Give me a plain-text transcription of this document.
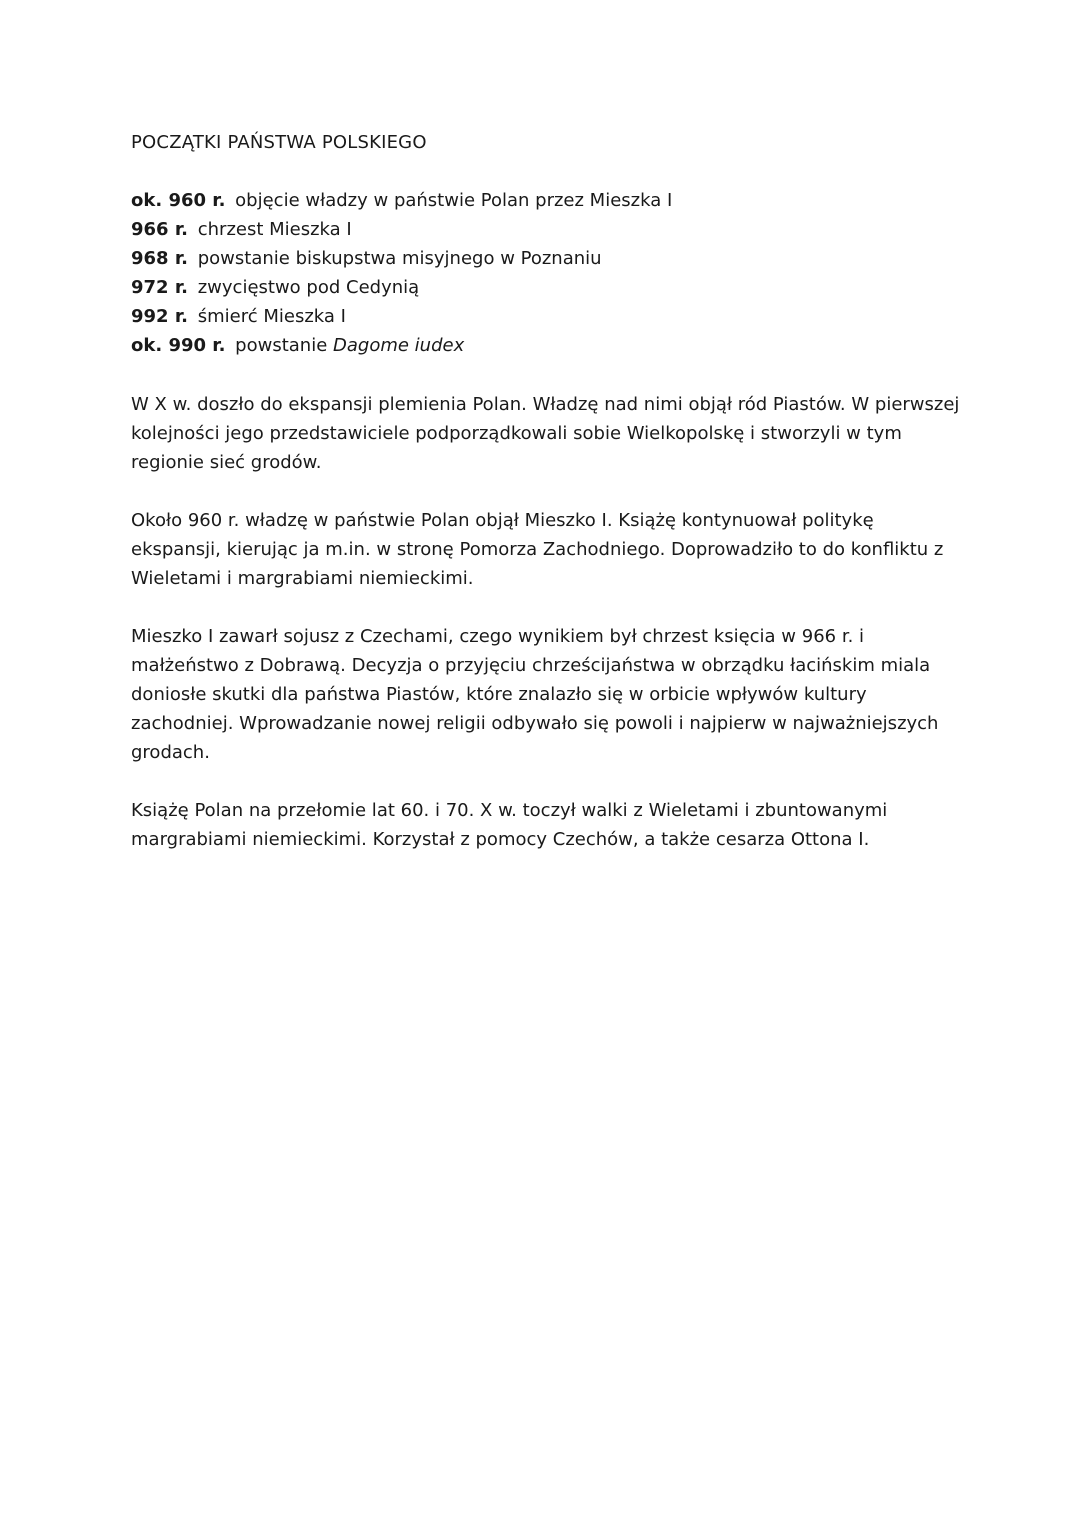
POCZĄTKI PAŃSTWA POLSKIEGO
ok. 960 r. objęcie władzy w państwie Polan przez Mieszka I
966 r. chrzest Mieszka I
968 r. powstanie biskupstwa misyjnego w Poznaniu
972 r. zwycięstwo pod Cedynią
992 r. śmierć Mieszka I
ok. 990 r. powstanie Dagome iudex

W X w. doszło do ekspansji plemienia Polan. Władzę nad nimi objął ród Piastów. W pierwszej kolejności jego przedstawiciele podporządkowali sobie Wielkopolskę i stworzyli w tym regionie sieć grodów.

Około 960 r. władzę w państwie Polan objął Mieszko I. Książę kontynuował politykę ekspansji, kierując ja m.in. w stronę Pomorza Zachodniego. Doprowadziło to do konfliktu z Wieletami i margrabiami niemieckimi.

Mieszko I zawarł sojusz z Czechami, czego wynikiem był chrzest księcia w 966 r. i małżeństwo z Dobrawą. Decyzja o przyjęciu chrześcijaństwa w obrządku łacińskim miala doniosłe skutki dla państwa Piastów, które znalazło się w orbicie wpływów kultury zachodniej. Wprowadzanie nowej religii odbywało się powoli i najpierw w najważniejszych grodach.

Książę Polan na przełomie lat 60. i 70. X w. toczył walki z Wieletami i zbuntowanymi margrabiami niemieckimi. Korzystał z pomocy Czechów, a także cesarza Ottona I.
